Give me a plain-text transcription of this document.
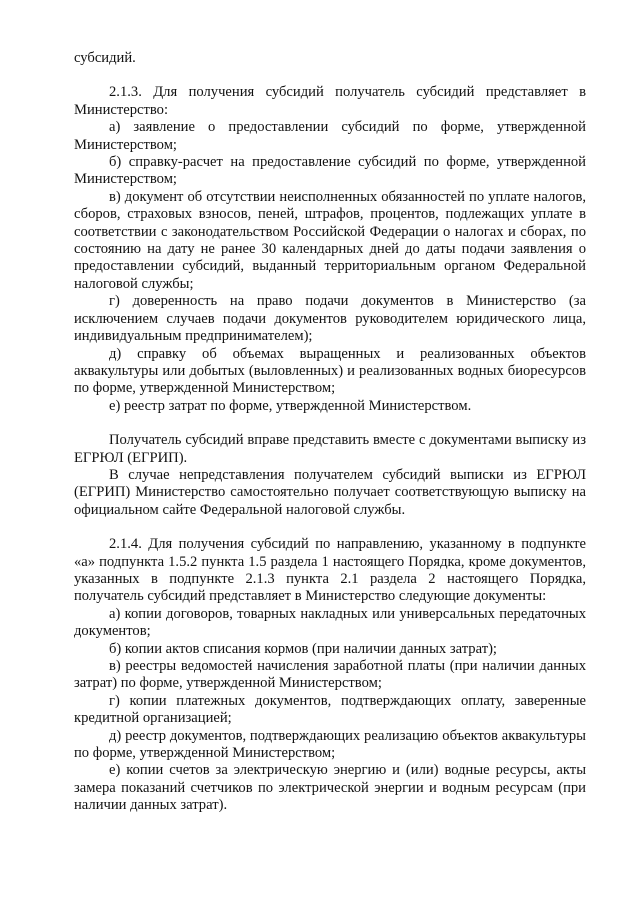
субсидий.

2.1.3. Для получения субсидий получатель субсидий представляет в Министерство:

а) заявление о предоставлении субсидий по форме, утвержденной Министерством;

б) справку-расчет на предоставление субсидий по форме, утвержденной Министерством;

в) документ об отсутствии неисполненных обязанностей по уплате налогов, сборов, страховых взносов, пеней, штрафов, процентов, подлежащих уплате в соответствии с законодательством Российской Федерации о налогах и сборах, по состоянию на дату не ранее 30 календарных дней до даты подачи заявления о предоставлении субсидий, выданный территориальным органом Федеральной налоговой службы;

г) доверенность на право подачи документов в Министерство (за исключением случаев подачи документов руководителем юридического лица, индивидуальным предпринимателем);

д) справку об объемах выращенных и реализованных объектов аквакультуры или добытых (выловленных) и реализованных водных биоресурсов по форме, утвержденной Министерством;

е) реестр затрат по форме, утвержденной Министерством.

Получатель субсидий вправе представить вместе с документами выписку из ЕГРЮЛ (ЕГРИП).

В случае непредставления получателем субсидий выписки из ЕГРЮЛ (ЕГРИП) Министерство самостоятельно получает соответствующую выписку на официальном сайте Федеральной налоговой службы.

2.1.4. Для получения субсидий по направлению, указанному в подпункте «а» подпункта 1.5.2 пункта 1.5 раздела 1 настоящего Порядка, кроме документов, указанных в подпункте 2.1.3 пункта 2.1 раздела 2 настоящего Порядка, получатель субсидий представляет в Министерство следующие документы:

а) копии договоров, товарных накладных или универсальных передаточных документов;

б) копии актов списания кормов (при наличии данных затрат);

в) реестры ведомостей начисления заработной платы (при наличии данных затрат) по форме, утвержденной Министерством;

г) копии платежных документов, подтверждающих оплату, заверенные кредитной организацией;

д) реестр документов, подтверждающих реализацию объектов аквакультуры по форме, утвержденной Министерством;

е) копии счетов за электрическую энергию и (или) водные ресурсы, акты замера показаний счетчиков по электрической энергии и водным ресурсам (при наличии данных затрат).
